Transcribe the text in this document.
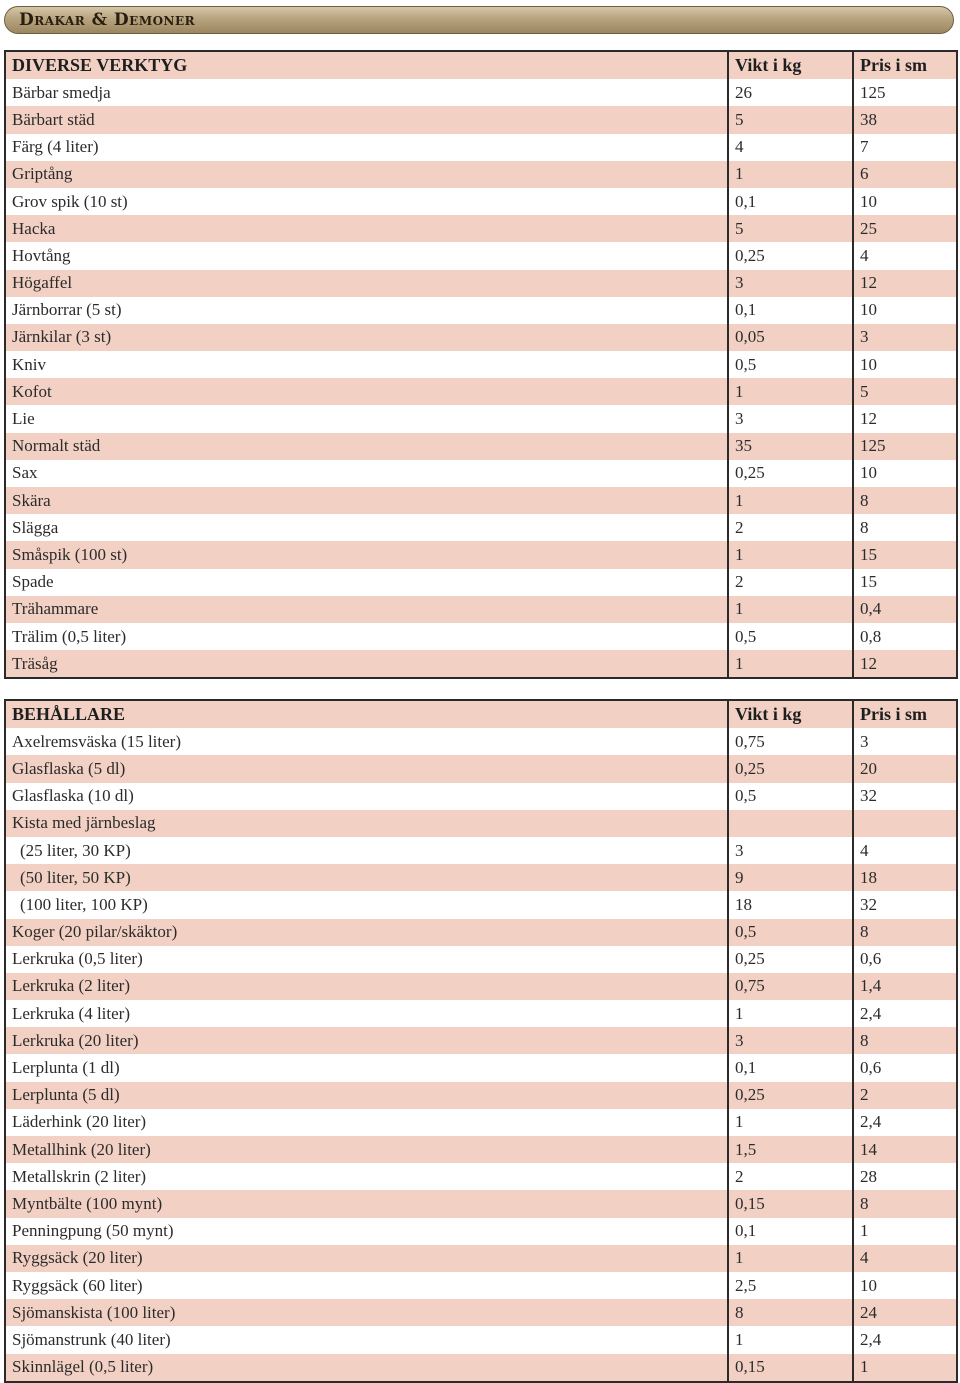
Drakar & Demoner
DIVERSE VERKTYG	Vikt i kg	Pris i sm
Bärbar smedja	26	125
Bärbart städ	5	38
Färg (4 liter)	4	7
Griptång	1	6
Grov spik (10 st)	0,1	10
Hacka	5	25
Hovtång	0,25	4
Högaffel	3	12
Järnborrar (5 st)	0,1	10
Järnkilar (3 st)	0,05	3
Kniv	0,5	10
Kofot	1	5
Lie	3	12
Normalt städ	35	125
Sax	0,25	10
Skära	1	8
Slägga	2	8
Småspik (100 st)	1	15
Spade	2	15
Trähammare	1	0,4
Trälim (0,5 liter)	0,5	0,8
Träsåg	1	12
BEHÅLLARE	Vikt i kg	Pris i sm
Axelremsväska (15 liter)	0,75	3
Glasflaska (5 dl)	0,25	20
Glasflaska (10 dl)	0,5	32
Kista med järnbeslag		
(25 liter, 30 KP)	3	4
(50 liter, 50 KP)	9	18
(100 liter, 100 KP)	18	32
Koger (20 pilar/skäktor)	0,5	8
Lerkruka (0,5 liter)	0,25	0,6
Lerkruka (2 liter)	0,75	1,4
Lerkruka (4 liter)	1	2,4
Lerkruka (20 liter)	3	8
Lerplunta (1 dl)	0,1	0,6
Lerplunta (5 dl)	0,25	2
Läderhink (20 liter)	1	2,4
Metallhink (20 liter)	1,5	14
Metallskrin (2 liter)	2	28
Myntbälte (100 mynt)	0,15	8
Penningpung (50 mynt)	0,1	1
Ryggsäck (20 liter)	1	4
Ryggsäck (60 liter)	2,5	10
Sjömanskista (100 liter)	8	24
Sjömanstrunk (40 liter)	1	2,4
Skinnlägel (0,5 liter)	0,15	1
